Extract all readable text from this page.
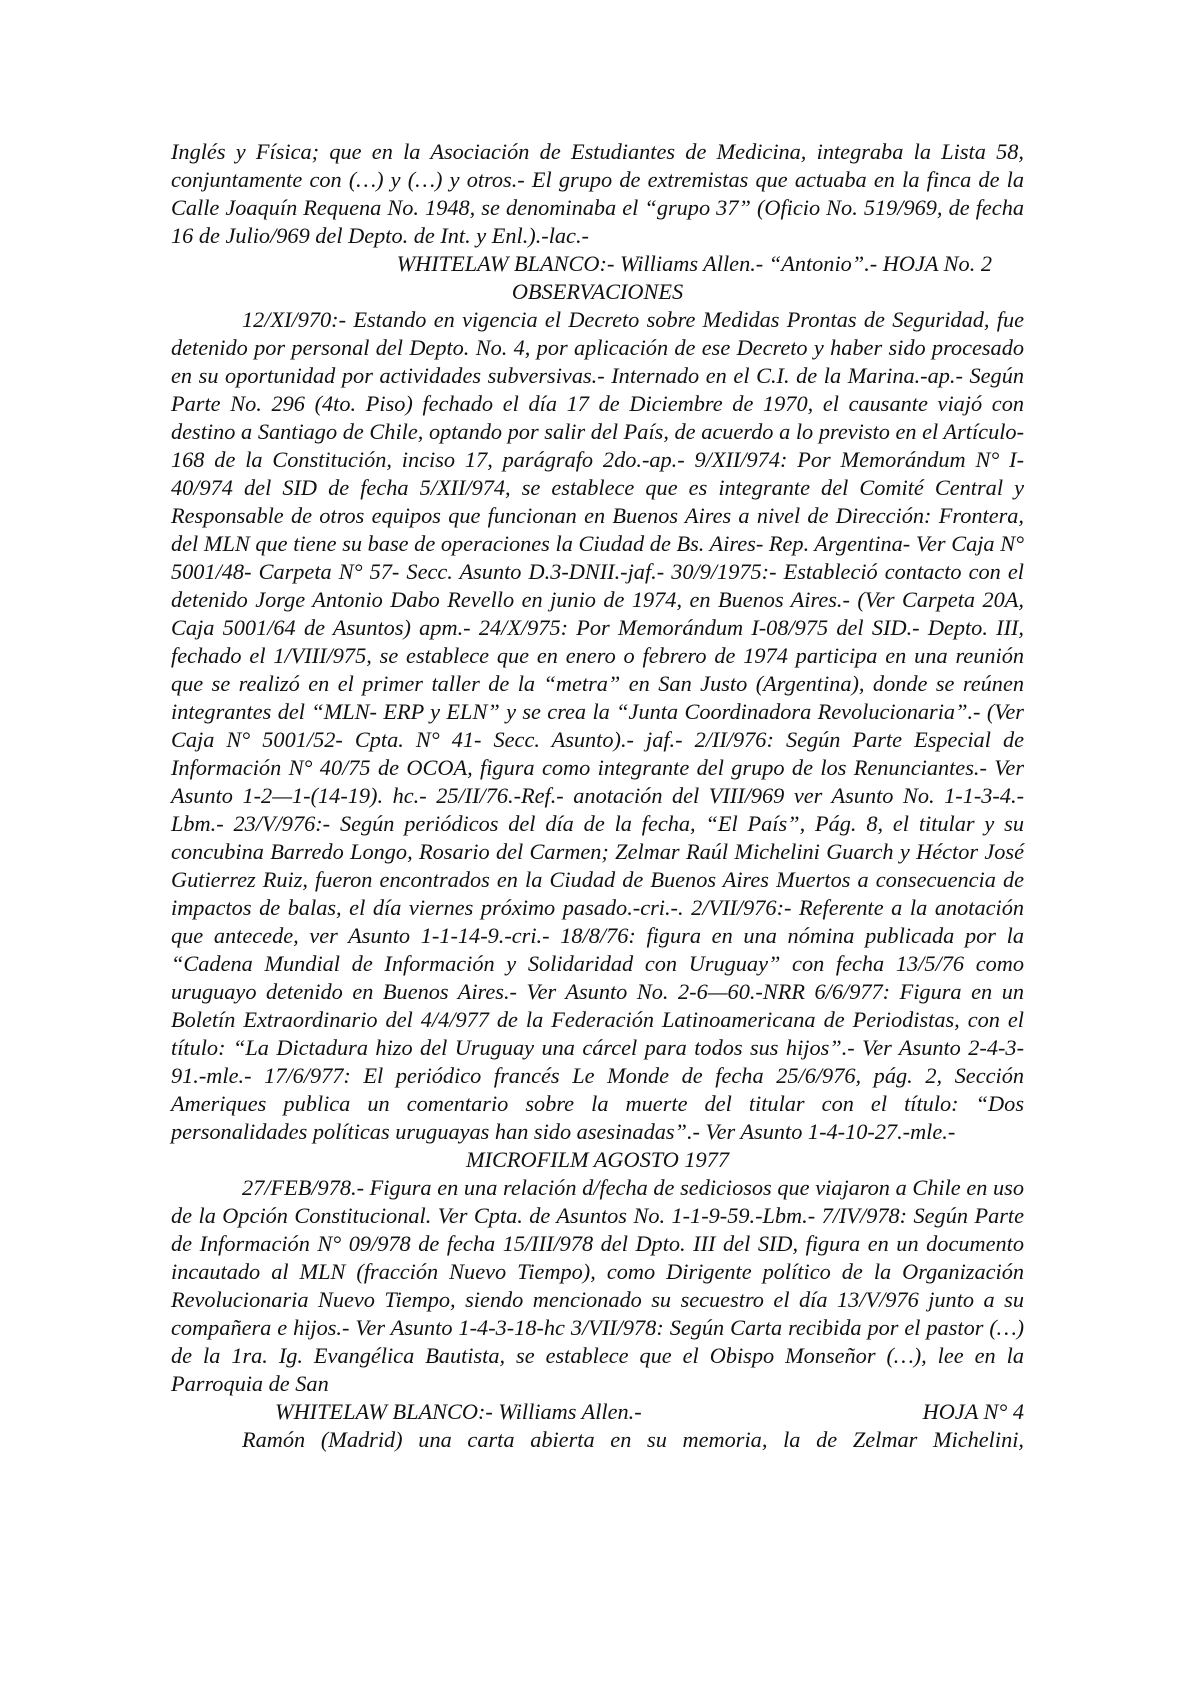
Inglés y Física; que en la Asociación de Estudiantes de Medicina, integraba la Lista 58, conjuntamente con (…) y (…) y otros.- El grupo de extremistas que actuaba en la finca de la Calle Joaquín Requena No. 1948, se denominaba el “grupo 37” (Oficio No. 519/969, de fecha 16 de Julio/969 del Depto. de Int. y Enl.).-lac.-

WHITELAW BLANCO:- Williams Allen.- “Antonio”.- HOJA No. 2

OBSERVACIONES

12/XI/970:- Estando en vigencia el Decreto sobre Medidas Prontas de Seguridad, fue detenido por personal del Depto. No. 4, por aplicación de ese Decreto y haber sido procesado en su oportunidad por actividades subversivas.- Internado en el C.I. de la Marina.-ap.- Según Parte No. 296 (4to. Piso) fechado el día 17 de Diciembre de 1970, el causante viajó con destino a Santiago de Chile, optando por salir del País, de acuerdo a lo previsto en el Artículo- 168 de la Constitución, inciso 17, parágrafo 2do.-ap.- 9/XII/974: Por Memorándum N° I-40/974 del SID de fecha 5/XII/974, se establece que es integrante del Comité Central y Responsable de otros equipos que funcionan en Buenos Aires a nivel de Dirección: Frontera, del MLN que tiene su base de operaciones la Ciudad de Bs. Aires- Rep. Argentina- Ver Caja N° 5001/48- Carpeta N° 57- Secc. Asunto D.3-DNII.-jaf.- 30/9/1975:- Estableció contacto con el detenido Jorge Antonio Dabo Revello en junio de 1974, en Buenos Aires.- (Ver Carpeta 20A, Caja 5001/64 de Asuntos) apm.- 24/X/975: Por Memorándum I-08/975 del SID.- Depto. III, fechado el 1/VIII/975, se establece que en enero o febrero de 1974 participa en una reunión que se realizó en el primer taller de la “metra” en San Justo (Argentina), donde se reúnen integrantes del “MLN- ERP y ELN” y se crea la “Junta Coordinadora Revolucionaria”.- (Ver Caja N° 5001/52- Cpta. N° 41- Secc. Asunto).- jaf.- 2/II/976: Según Parte Especial de Información N° 40/75 de OCOA, figura como integrante del grupo de los Renunciantes.- Ver Asunto 1-2—1-(14-19). hc.- 25/II/76.-Ref.- anotación del VIII/969 ver Asunto No. 1-1-3-4.-Lbm.- 23/V/976:- Según periódicos del día de la fecha, “El País”, Pág. 8, el titular y su concubina Barredo Longo, Rosario del Carmen; Zelmar Raúl Michelini Guarch y Héctor José Gutierrez Ruiz, fueron encontrados en la Ciudad de Buenos Aires Muertos a consecuencia de impactos de balas, el día viernes próximo pasado.-cri.-. 2/VII/976:- Referente a la anotación que antecede, ver Asunto 1-1-14-9.-cri.- 18/8/76: figura en una nómina publicada por la “Cadena Mundial de Información y Solidaridad con Uruguay” con fecha 13/5/76 como uruguayo detenido en Buenos Aires.- Ver Asunto No. 2-6—60.-NRR 6/6/977: Figura en un Boletín Extraordinario del 4/4/977 de la Federación Latinoamericana de Periodistas, con el título: “La Dictadura hizo del Uruguay una cárcel para todos sus hijos”.- Ver Asunto 2-4-3-91.-mle.- 17/6/977: El periódico francés Le Monde de fecha 25/6/976, pág. 2, Sección Ameriques publica un comentario sobre la muerte del titular con el título: “Dos personalidades políticas uruguayas han sido asesinadas”.- Ver Asunto 1-4-10-27.-mle.-

MICROFILM AGOSTO 1977

27/FEB/978.- Figura en una relación d/fecha de sediciosos que viajaron a Chile en uso de la Opción Constitucional. Ver Cpta. de Asuntos No. 1-1-9-59.-Lbm.- 7/IV/978: Según Parte de Información N° 09/978 de fecha 15/III/978 del Dpto. III del SID, figura en un documento incautado al MLN (fracción Nuevo Tiempo), como Dirigente político de la Organización Revolucionaria Nuevo Tiempo, siendo mencionado su secuestro el día 13/V/976 junto a su compañera e hijos.- Ver Asunto 1-4-3-18-hc 3/VII/978: Según Carta recibida por el pastor (…) de la 1ra. Ig. Evangélica Bautista, se establece que el Obispo Monseñor (…), lee en la Parroquia de San

WHITELAW BLANCO:- Williams Allen.-	HOJA N° 4

Ramón (Madrid) una carta abierta en su memoria, la de Zelmar Michelini,
